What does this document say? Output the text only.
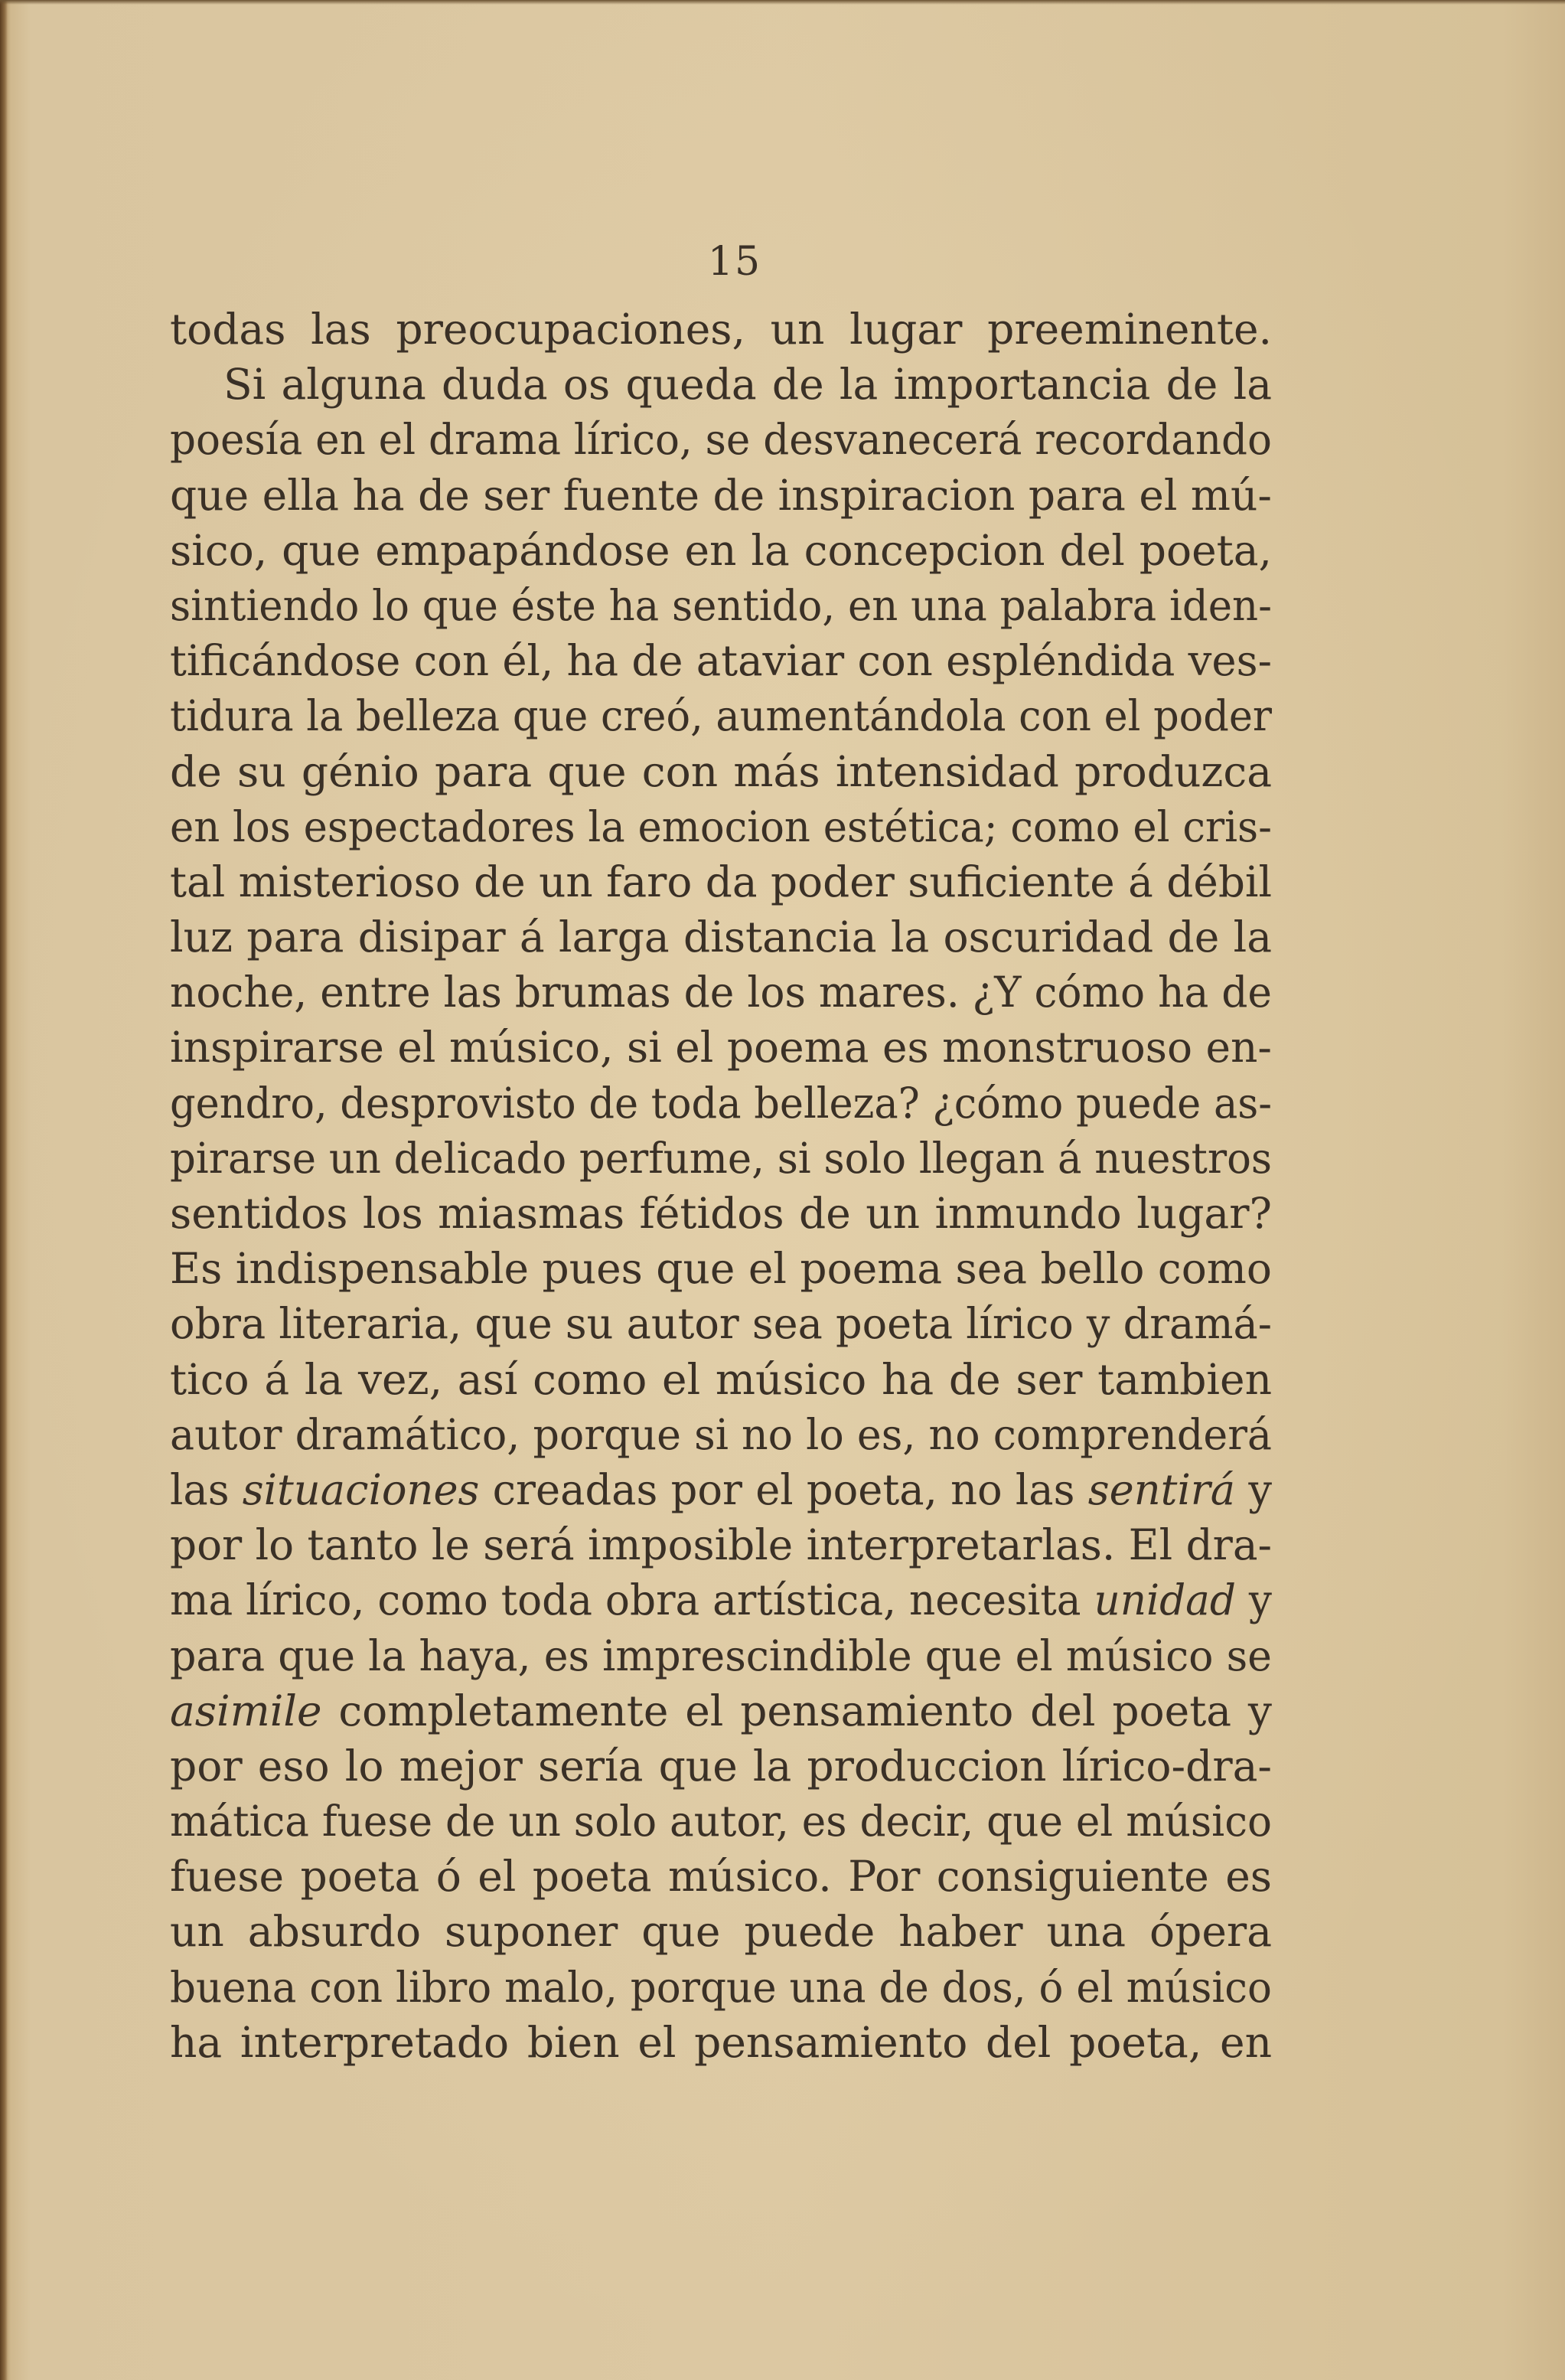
15
todas las preocupaciones, un lugar preeminente.
Si alguna duda os queda de la importancia de la
poesía en el drama lírico, se desvanecerá recordando
que ella ha de ser fuente de inspiracion para el mú-
sico, que empapándose en la concepcion del poeta,
sintiendo lo que éste ha sentido, en una palabra iden-
tificándose con él, ha de ataviar con espléndida ves-
tidura la belleza que creó, aumentándola con el poder
de su génio para que con más intensidad produzca
en los espectadores la emocion estética; como el cris-
tal misterioso de un faro da poder suficiente á débil
luz para disipar á larga distancia la oscuridad de la
noche, entre las brumas de los mares. ¿Y cómo ha de
inspirarse el músico, si el poema es monstruoso en-
gendro, desprovisto de toda belleza? ¿cómo puede as-
pirarse un delicado perfume, si solo llegan á nuestros
sentidos los miasmas fétidos de un inmundo lugar?
Es indispensable pues que el poema sea bello como
obra literaria, que su autor sea poeta lírico y dramá-
tico á la vez, así como el músico ha de ser tambien
autor dramático, porque si no lo es, no comprenderá
las situaciones creadas por el poeta, no las sentirá y
por lo tanto le será imposible interpretarlas. El dra-
ma lírico, como toda obra artística, necesita unidad y
para que la haya, es imprescindible que el músico se
asimile completamente el pensamiento del poeta y
por eso lo mejor sería que la produccion lírico-dra-
mática fuese de un solo autor, es decir, que el músico
fuese poeta ó el poeta músico. Por consiguiente es
un absurdo suponer que puede haber una ópera
buena con libro malo, porque una de dos, ó el músico
ha interpretado bien el pensamiento del poeta, en
